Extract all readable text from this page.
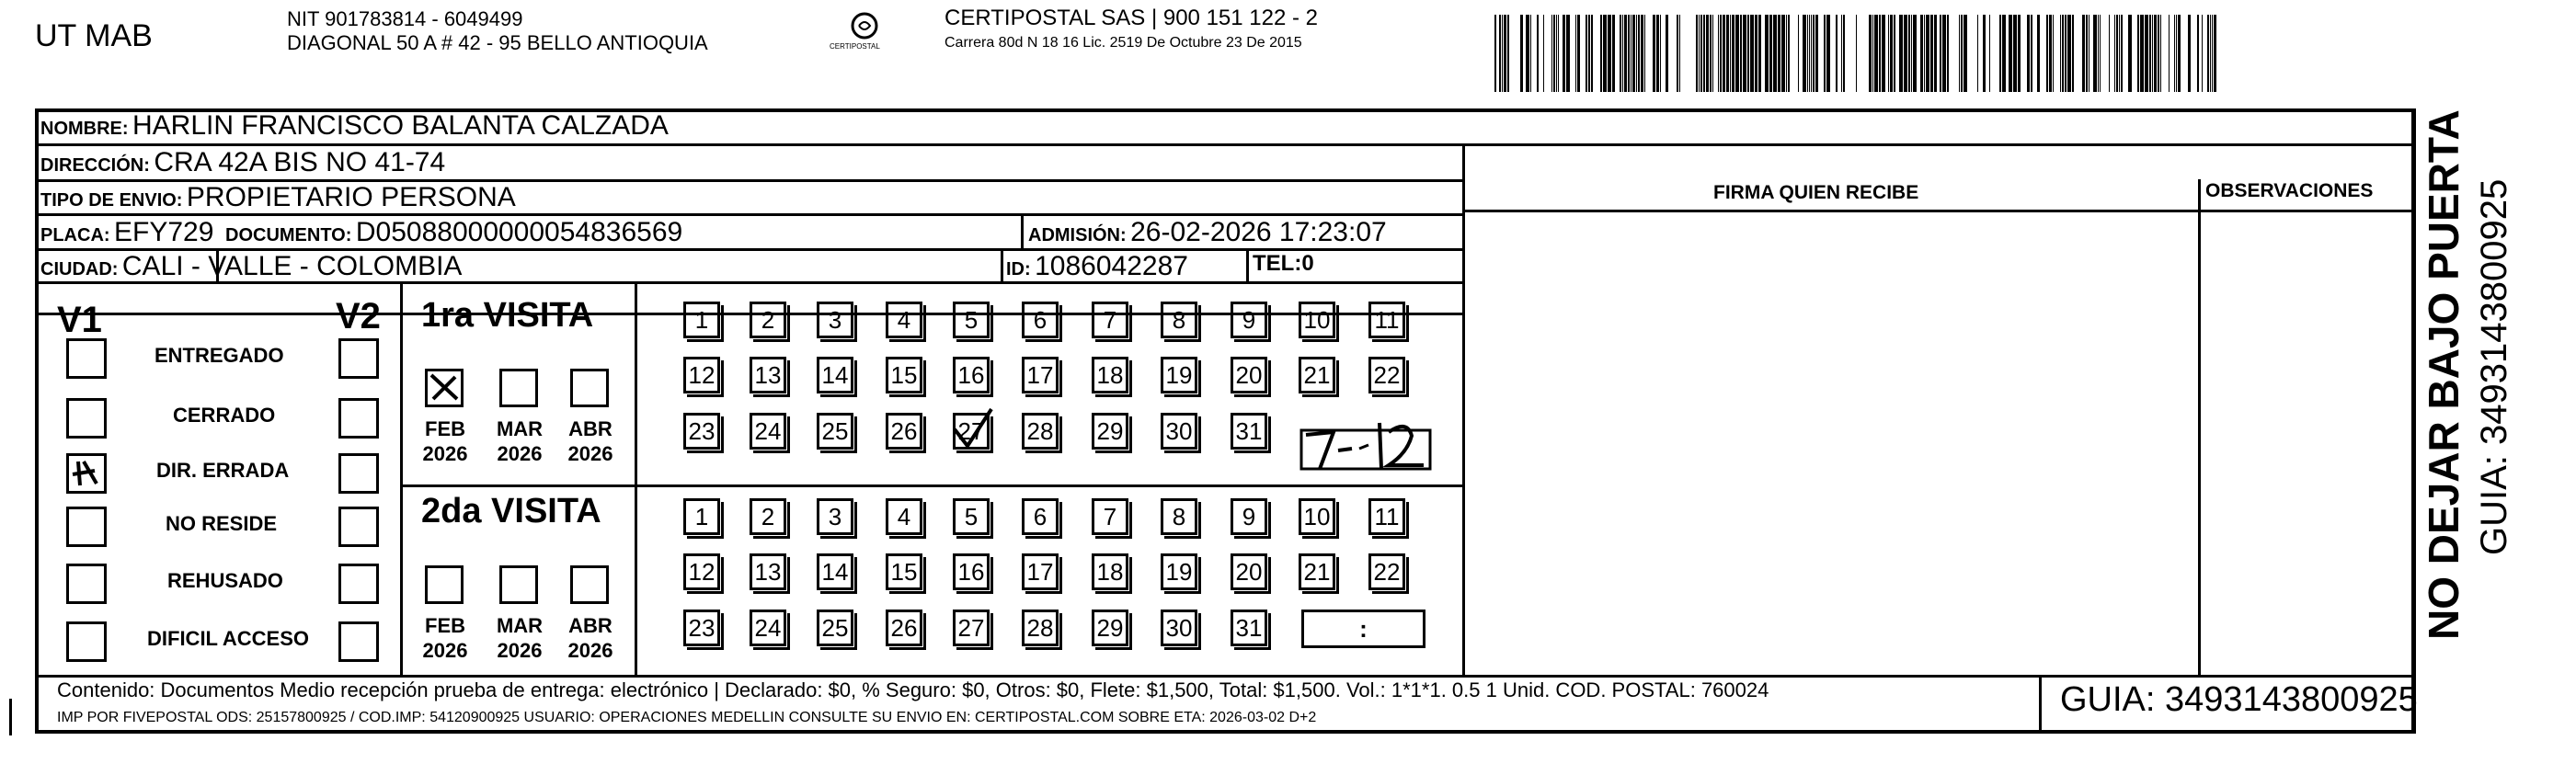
UT MAB	NIT 901783814 - 6049499
DIAGONAL 50 A # 42 - 95 BELLO ANTIOQUIA	CERTIPOSTAL
CERTIPOSTAL SAS | 900 151 122 - 2
Carrera 80d N 18 16 Lic. 2519 De Octubre 23 De 2015
NOMBRE: HARLIN FRANCISCO BALANTA CALZADA
DIRECCIÓN: CRA 42A BIS NO 41-74
TIPO DE ENVIO: PROPIETARIO PERSONA
PLACA: EFY729 DOCUMENTO: D05088000000054836569	ADMISIÓN: 26-02-2026 17:23:07
CIUDAD: CALI - VALLE - COLOMBIA	ID: 1086042287	TEL:0
FIRMA QUIEN RECIBE	OBSERVACIONES
V1	V2
ENTREGADO
CERRADO
DIR. ERRADA
NO RESIDE
REHUSADO
DIFICIL ACCESO
1ra VISITA
2da VISITA
FEB
2026
MAR
2026
ABR
2026
1	2	3	4	5	6	7	8	9	10 11
12 13 14 15 16 17 18 19 20 21 22
23 24 25 26 27 28 29 30 31
FEB
2026
MAR
2026
ABR
2026
1	2	3	4	5	6	7	8	9	10 11
12 13 14 15 16 17 18 19 20 21 22
23 24 25 26 27 28 29 30 31	:
Contenido: Documentos Medio recepción prueba de entrega: electrónico | Declarado: $0, % Seguro: $0, Otros: $0, Flete: $1,500, Total: $1,500. Vol.: 1*1*1. 0.5 1 Unid. COD. POSTAL: 760024
IMP POR FIVEPOSTAL ODS: 25157800925 / COD.IMP: 54120900925 USUARIO: OPERACIONES MEDELLIN CONSULTE SU ENVIO EN: CERTIPOSTAL.COM SOBRE ETA: 2026-03-02 D+2	GUIA: 3493143800925
NO DEJAR BAJO PUERTA GUIA: 3493143800925
